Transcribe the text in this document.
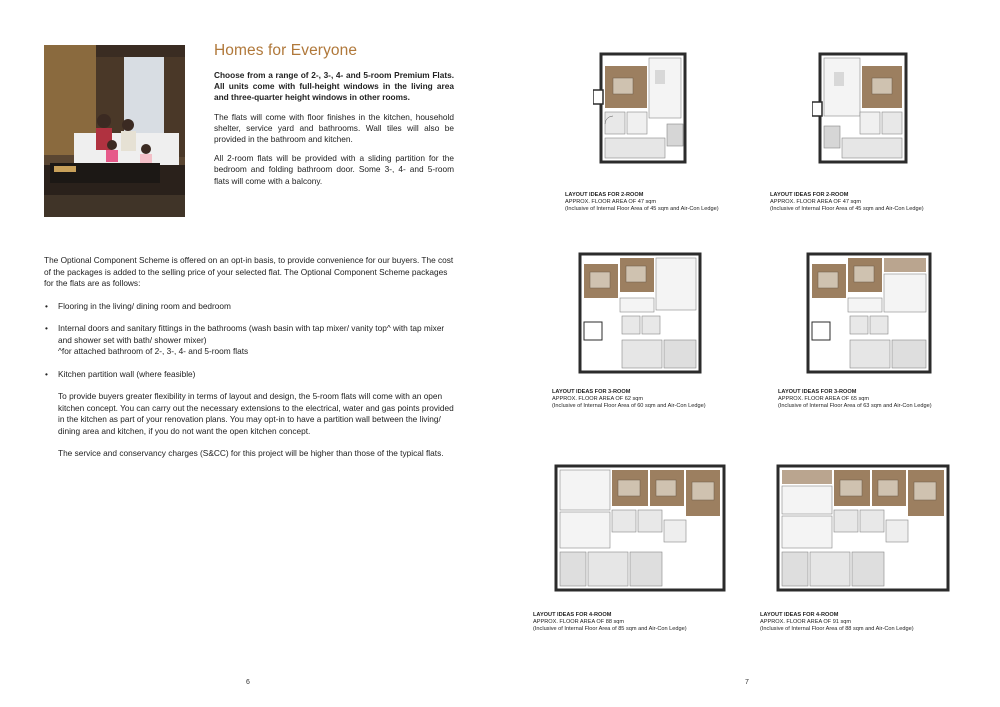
Homes for Everyone

Choose from a range of 2-, 3-, 4- and 5-room Premium Flats. All units come with full-height windows in the living area and three-quarter height windows in other rooms.

The flats will come with floor finishes in the kitchen, household shelter, service yard and bathrooms. Wall tiles will also be provided in the bathroom and kitchen.

All 2-room flats will be provided with a sliding partition for the bedroom and folding bathroom door. Some 3-, 4- and 5-room flats will come with a balcony.

The Optional Component Scheme is offered on an opt-in basis, to provide convenience for our buyers. The cost of the packages is added to the selling price of your selected flat. The Optional Component Scheme packages for the flats are as follows:

• Flooring in the living/ dining room and bedroom
• Internal doors and sanitary fittings in the bathrooms (wash basin with tap mixer/ vanity top^ with tap mixer and shower set with bath/ shower mixer)
^for attached bathroom of 2-, 3-, 4- and 5-room flats
• Kitchen partition wall (where feasible)

To provide buyers greater flexibility in terms of layout and design, the 5-room flats will come with an open kitchen concept. You can carry out the necessary extensions to the electrical, water and gas points provided in the kitchen as part of your renovation plans. You may opt-in to have a partition wall between the living/ dining area and kitchen, if you do not want the open kitchen concept.

The service and conservancy charges (S&CC) for this project will be higher than those of the typical flats.

6
LAYOUT IDEAS FOR 2-ROOM
APPROX. FLOOR AREA OF 47 sqm
(Inclusive of Internal Floor Area of 45 sqm and Air-Con Ledge)
LAYOUT IDEAS FOR 2-ROOM
APPROX. FLOOR AREA OF 47 sqm
(Inclusive of Internal Floor Area of 45 sqm and Air-Con Ledge)
LAYOUT IDEAS FOR 3-ROOM
APPROX. FLOOR AREA OF 62 sqm
(Inclusive of Internal Floor Area of 60 sqm and Air-Con Ledge)
LAYOUT IDEAS FOR 3-ROOM
APPROX. FLOOR AREA OF 65 sqm
(Inclusive of Internal Floor Area of 63 sqm and Air-Con Ledge)
LAYOUT IDEAS FOR 4-ROOM
APPROX. FLOOR AREA OF 88 sqm
(Inclusive of Internal Floor Area of 85 sqm and Air-Con Ledge)
LAYOUT IDEAS FOR 4-ROOM
APPROX. FLOOR AREA OF 91 sqm
(Inclusive of Internal Floor Area of 88 sqm and Air-Con Ledge)
7
